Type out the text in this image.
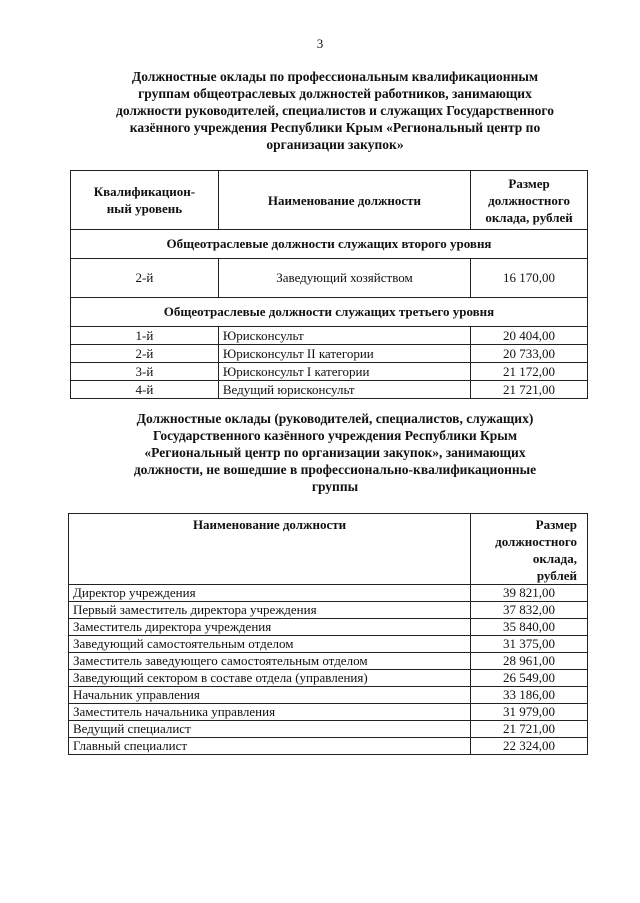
3
Должностные оклады по профессиональным квалификационным
группам общеотраслевых должностей работников, занимающих
должности руководителей, специалистов и служащих Государственного
казённого учреждения Республики Крым «Региональный центр по
организации закупок»
Квалификацион-
ный уровень	Наименование должности	Размер
должностного
оклада, рублей
Общеотраслевые должности служащих второго уровня		
2-й	Заведующий хозяйством	16 170,00
Общеотраслевые должности служащих третьего уровня		
1-й	Юрисконсульт	20 404,00
2-й	Юрисконсульт II категории	20 733,00
3-й	Юрисконсульт I категории	21 172,00
4-й	Ведущий юрисконсульт	21 721,00
Должностные оклады (руководителей, специалистов, служащих)
Государственного казённого учреждения Республики Крым
«Региональный центр по организации закупок», занимающих
должности, не вошедшие в профессионально-квалификационные
группы
Наименование должности	Размер
должностного
оклада,
рублей
Директор учреждения	39 821,00
Первый заместитель директора учреждения	37 832,00
Заместитель директора учреждения	35 840,00
Заведующий самостоятельным отделом	31 375,00
Заместитель заведующего самостоятельным отделом	28 961,00
Заведующий сектором в составе отдела (управления)	26 549,00
Начальник управления	33 186,00
Заместитель начальника управления	31 979,00
Ведущий специалист	21 721,00
Главный специалист	22 324,00
